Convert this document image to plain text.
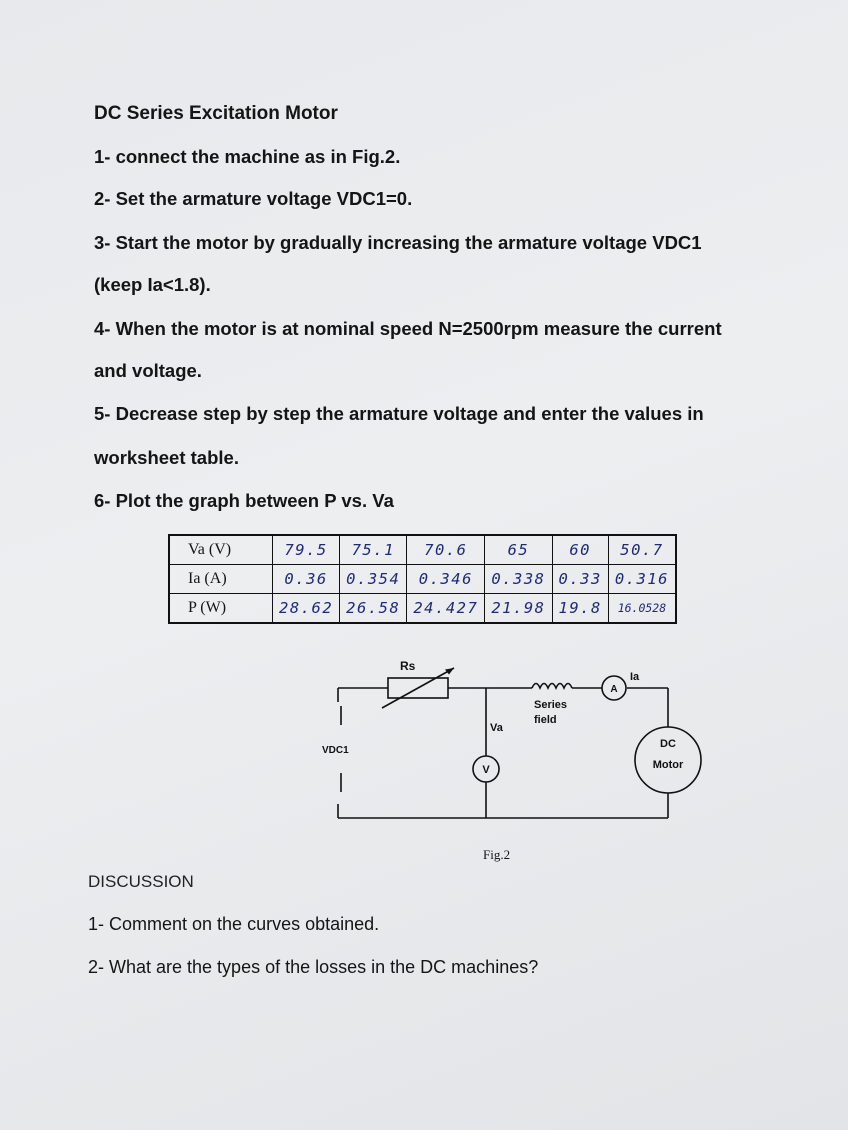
DC Series Excitation Motor
1- connect the machine as in Fig.2.
2- Set the armature voltage VDC1=0.
3- Start the motor by gradually increasing the armature voltage VDC1
(keep Ia<1.8).
4- When the motor is at nominal speed N=2500rpm measure the current
and voltage.
5- Decrease step by step the armature voltage and enter the values in
worksheet table.
6- Plot the graph between P vs. Va
Va (V)	79.5	75.1	70.6	65	60	50.7
Ia (A)	0.36	0.354	0.346	0.338	0.33	0.316
P (W)	28.62	26.58	24.427	21.98	19.8	16.0528
Rs
Va
VDC1
V
A
Ia
Series
field
DC
Motor
Fig.2
DISCUSSION
1- Comment on the curves obtained.
2- What are the types of the losses in the DC machines?
